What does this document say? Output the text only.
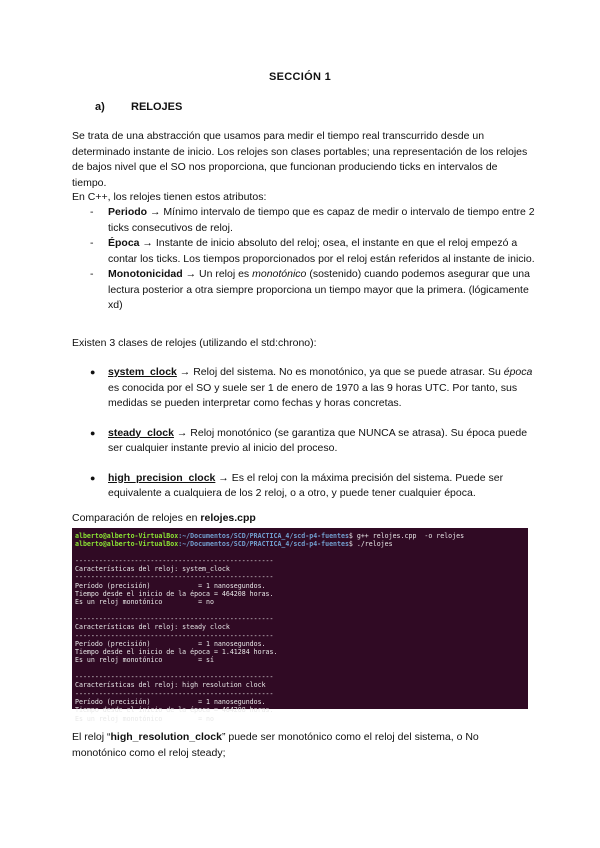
SECCIÓN 1
a) RELOJES
Se trata de una abstracción que usamos para medir el tiempo real transcurrido desde un determinado instante de inicio. Los relojes son clases portables; una representación de los relojes de bajos nivel que el SO nos proporciona, que funcionan produciendo ticks en intervalos de tiempo.
En C++, los relojes tienen estos atributos:
- Periodo → Mínimo intervalo de tiempo que es capaz de medir o intervalo de tiempo entre 2 ticks consecutivos de reloj.
- Época → Instante de inicio absoluto del reloj; osea, el instante en que el reloj empezó a contar los ticks. Los tiempos proporcionados por el reloj están referidos al instante de inicio.
- Monotonicidad → Un reloj es monotónico (sostenido) cuando podemos asegurar que una lectura posterior a otra siempre proporciona un tiempo mayor que la primera. (lógicamente xd)
Existen 3 clases de relojes (utilizando el std:chrono):
● system_clock → Reloj del sistema. No es monotónico, ya que se puede atrasar. Su época es conocida por el SO y suele ser 1 de enero de 1970 a las 9 horas UTC. Por tanto, sus medidas se pueden interpretar como fechas y horas concretas.
● steady_clock → Reloj monotónico (se garantiza que NUNCA se atrasa). Su época puede ser cualquier instante previo al inicio del proceso.
● high_precision_clock → Es el reloj con la máxima precisión del sistema. Puede ser equivalente a cualquiera de los 2 reloj, o a otro, y puede tener cualquier época.
Comparación de relojes en relojes.cpp
alberto@alberto-VirtualBox:~/Documentos/SCD/PRACTICA_4/scd-p4-fuentes$ g++ relojes.cpp  -o relojes
alberto@alberto-VirtualBox:~/Documentos/SCD/PRACTICA_4/scd-p4-fuentes$ ./relojes
--------------------------------------------------
Características del reloj: system_clock
--------------------------------------------------
Período (precisión)            = 1 nanosegundos.
Tiempo desde el inicio de la época = 464208 horas.
Es un reloj monotónico         = no
--------------------------------------------------
Características del reloj: steady clock
--------------------------------------------------
Período (precisión)            = 1 nanosegundos.
Tiempo desde el inicio de la época = 1.41284 horas.
Es un reloj monotónico         = sí
--------------------------------------------------
Características del reloj: high resolution clock
--------------------------------------------------
Período (precisión)            = 1 nanosegundos.
Tiempo desde el inicio de la época = 464208 horas.
Es un reloj monotónico         = no
El reloj “high_resolution_clock” puede ser monotónico como el reloj del sistema, o No monotónico como el reloj steady;
